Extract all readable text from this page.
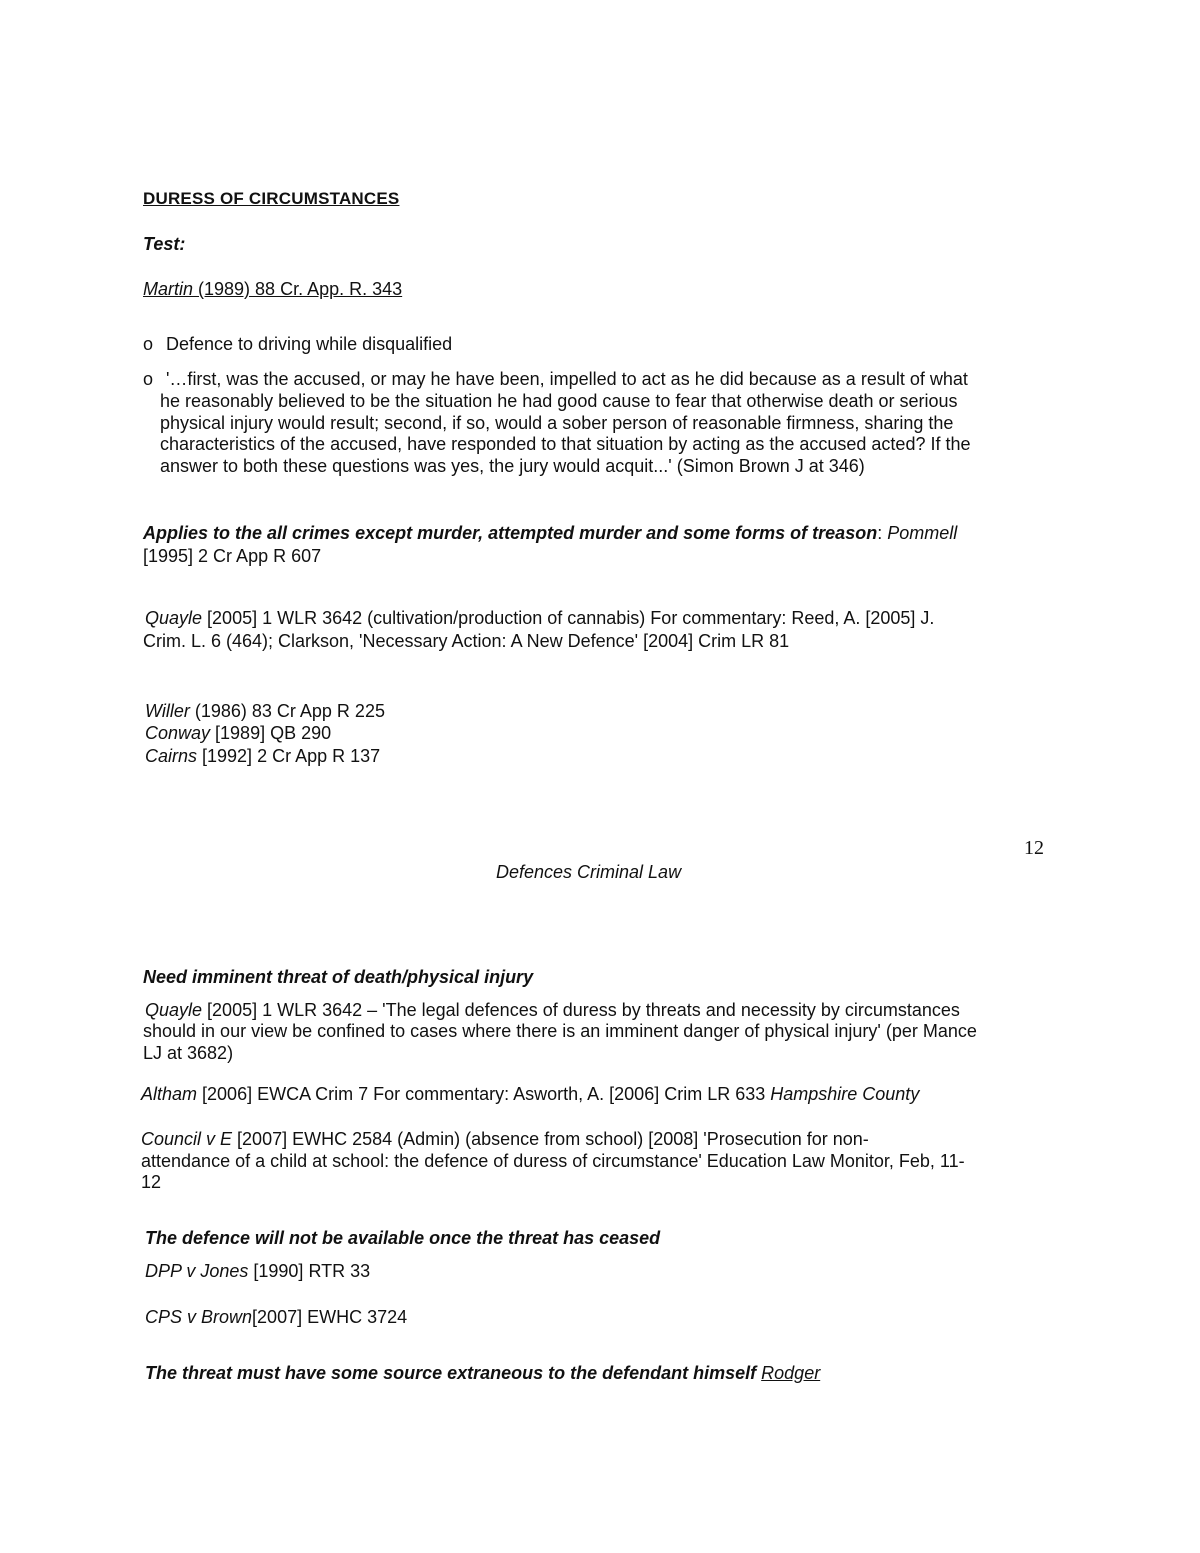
DURESS OF CIRCUMSTANCES
Test:
Martin (1989) 88 Cr. App. R. 343
o Defence to driving while disqualified
o '…first, was the accused, or may he have been, impelled to act as he did because as a result of what
he reasonably believed to be the situation he had good cause to fear that otherwise death or serious
physical injury would result; second, if so, would a sober person of reasonable firmness, sharing the
characteristics of the accused, have responded to that situation by acting as the accused acted? If the
answer to both these questions was yes, the jury would acquit...' (Simon Brown J at 346)
Applies to the all crimes except murder, attempted murder and some forms of treason: Pommell
[1995] 2 Cr App R 607
Quayle [2005] 1 WLR 3642 (cultivation/production of cannabis) For commentary: Reed, A. [2005] J.
Crim. L. 6 (464); Clarkson, 'Necessary Action: A New Defence' [2004] Crim LR 81
Willer (1986) 83 Cr App R 225
Conway [1989] QB 290
Cairns [1992] 2 Cr App R 137
12
Defences Criminal Law
Need imminent threat of death/physical injury
Quayle [2005] 1 WLR 3642 – 'The legal defences of duress by threats and necessity by circumstances
should in our view be confined to cases where there is an imminent danger of physical injury' (per Mance
LJ at 3682)
Altham [2006] EWCA Crim 7 For commentary: Asworth, A. [2006] Crim LR 633 Hampshire County
Council v E [2007] EWHC 2584 (Admin) (absence from school) [2008] 'Prosecution for non-
attendance of a child at school: the defence of duress of circumstance' Education Law Monitor, Feb, 11-
12
The defence will not be available once the threat has ceased
DPP v Jones [1990] RTR 33
CPS v Brown[2007] EWHC 3724
The threat must have some source extraneous to the defendant himself Rodger
